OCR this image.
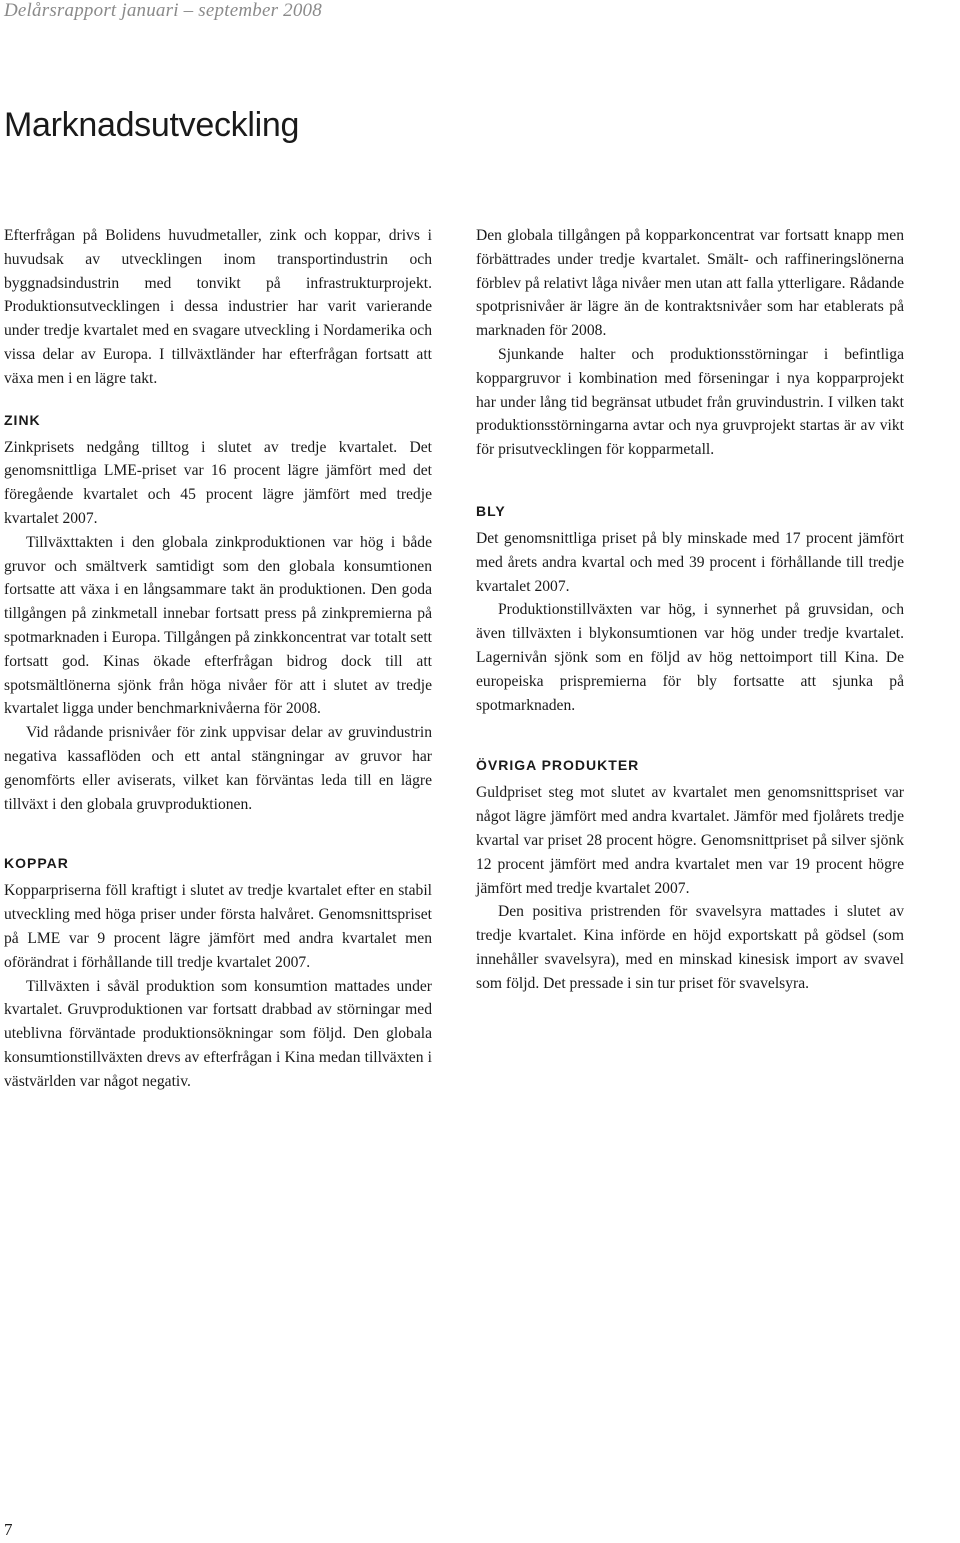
Delårsrapport januari – september 2008
Marknadsutveckling

Efterfrågan på Bolidens huvudmetaller, zink och koppar, drivs i huvudsak av utvecklingen inom transportindustrin och byggnadsindustrin med tonvikt på infrastrukturprojekt. Produktionsutvecklingen i dessa industrier har varit varierande under tredje kvartalet med en svagare utveckling i Nordamerika och vissa delar av Europa. I tillväxtländer har efterfrågan fortsatt att växa men i en lägre takt.

ZINK

Zinkprisets nedgång tilltog i slutet av tredje kvartalet. Det genomsnittliga LME-priset var 16 procent lägre jämfört med det föregående kvartalet och 45 procent lägre jämfört med tredje kvartalet 2007.

Tillväxttakten i den globala zinkproduktionen var hög i både gruvor och smältverk samtidigt som den globala konsumtionen fortsatte att växa i en långsammare takt än produktionen. Den goda tillgången på zinkmetall innebar fortsatt press på zinkpremierna på spotmarknaden i Europa. Tillgången på zinkkoncentrat var totalt sett fortsatt god. Kinas ökade efterfrågan bidrog dock till att spotsmältlönerna sjönk från höga nivåer för att i slutet av tredje kvartalet ligga under benchmarknivåerna för 2008.

Vid rådande prisnivåer för zink uppvisar delar av gruvindustrin negativa kassaflöden och ett antal stängningar av gruvor har genomförts eller aviserats, vilket kan förväntas leda till en lägre tillväxt i den globala gruvproduktionen.

KOPPAR

Kopparpriserna föll kraftigt i slutet av tredje kvartalet efter en stabil utveckling med höga priser under första halvåret. Genomsnittspriset på LME var 9 procent lägre jämfört med andra kvartalet men oförändrat i förhållande till tredje kvartalet 2007.

Tillväxten i såväl produktion som konsumtion mattades under kvartalet. Gruvproduktionen var fortsatt drabbad av störningar med uteblivna förväntade produktionsökningar som följd. Den globala konsumtionstillväxten drevs av efterfrågan i Kina medan tillväxten i västvärlden var något negativ.

Den globala tillgången på kopparkoncentrat var fortsatt knapp men förbättrades under tredje kvartalet. Smält- och raffineringslönerna förblev på relativt låga nivåer men utan att falla ytterligare. Rådande spotprisnivåer är lägre än de kontraktsnivåer som har etablerats på marknaden för 2008.

Sjunkande halter och produktionsstörningar i befintliga koppargruvor i kombination med förseningar i nya kopparprojekt har under lång tid begränsat utbudet från gruvindustrin. I vilken takt produktionsstörningarna avtar och nya gruvprojekt startas är av vikt för prisutvecklingen för kopparmetall.

BLY

Det genomsnittliga priset på bly minskade med 17 procent jämfört med årets andra kvartal och med 39 procent i förhållande till tredje kvartalet 2007.

Produktionstillväxten var hög, i synnerhet på gruvsidan, och även tillväxten i blykonsumtionen var hög under tredje kvartalet. Lagernivån sjönk som en följd av hög nettoimport till Kina. De europeiska prispremierna för bly fortsatte att sjunka på spotmarknaden.

ÖVRIGA PRODUKTER

Guldpriset steg mot slutet av kvartalet men genomsnittspriset var något lägre jämfört med andra kvartalet. Jämför med fjolårets tredje kvartal var priset 28 procent högre. Genomsnittpriset på silver sjönk 12 procent jämfört med andra kvartalet men var 19 procent högre jämfört med tredje kvartalet 2007.

Den positiva pristrenden för svavelsyra mattades i slutet av tredje kvartalet. Kina införde en höjd exportskatt på gödsel (som innehåller svavelsyra), med en minskad kinesisk import av svavel som följd. Det pressade i sin tur priset för svavelsyra.

7
